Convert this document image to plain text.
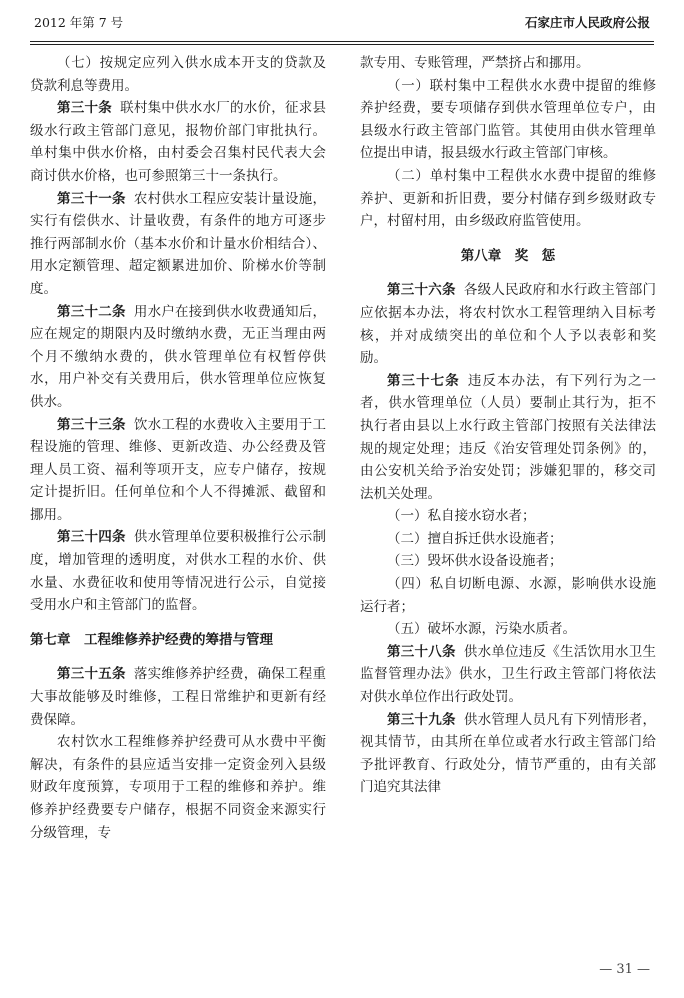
2012 年第 7 号	石家庄市人民政府公报

（七）按规定应列入供水成本开支的贷款及贷款利息等费用。

第三十条 联村集中供水水厂的水价，征求县级水行政主管部门意见，报物价部门审批执行。单村集中供水价格，由村委会召集村民代表大会商讨供水价格，也可参照第三十一条执行。

第三十一条 农村供水工程应安装计量设施，实行有偿供水、计量收费，有条件的地方可逐步推行两部制水价（基本水价和计量水价相结合）、用水定额管理、超定额累进加价、阶梯水价等制度。

第三十二条 用水户在接到供水收费通知后，应在规定的期限内及时缴纳水费，无正当理由两个月不缴纳水费的，供水管理单位有权暂停供水，用户补交有关费用后，供水管理单位应恢复供水。

第三十三条 饮水工程的水费收入主要用于工程设施的管理、维修、更新改造、办公经费及管理人员工资、福利等项开支，应专户储存，按规定计提折旧。任何单位和个人不得摊派、截留和挪用。

第三十四条 供水管理单位要积极推行公示制度，增加管理的透明度，对供水工程的水价、供水量、水费征收和使用等情况进行公示，自觉接受用水户和主管部门的监督。

第七章　工程维修养护经费的筹措与管理

第三十五条 落实维修养护经费，确保工程重大事故能够及时维修，工程日常维护和更新有经费保障。

农村饮水工程维修养护经费可从水费中平衡解决，有条件的县应适当安排一定资金列入县级财政年度预算，专项用于工程的维修和养护。维修养护经费要专户储存，根据不同资金来源实行分级管理，专

款专用、专账管理，严禁挤占和挪用。

（一）联村集中工程供水水费中提留的维修养护经费，要专项储存到供水管理单位专户，由县级水行政主管部门监管。其使用由供水管理单位提出申请，报县级水行政主管部门审核。

（二）单村集中工程供水水费中提留的维修养护、更新和折旧费，要分村储存到乡级财政专户，村留村用，由乡级政府监管使用。

第八章　奖　惩

第三十六条 各级人民政府和水行政主管部门应依据本办法，将农村饮水工程管理纳入目标考核，并对成绩突出的单位和个人予以表彰和奖励。

第三十七条 违反本办法，有下列行为之一者，供水管理单位（人员）要制止其行为，拒不执行者由县以上水行政主管部门按照有关法律法规的规定处理；违反《治安管理处罚条例》的，由公安机关给予治安处罚；涉嫌犯罪的，移交司法机关处理。

（一）私自接水窃水者；

（二）擅自拆迁供水设施者；

（三）毁坏供水设备设施者；

（四）私自切断电源、水源，影响供水设施运行者；

（五）破坏水源，污染水质者。

第三十八条 供水单位违反《生活饮用水卫生监督管理办法》供水，卫生行政主管部门将依法对供水单位作出行政处罚。

第三十九条 供水管理人员凡有下列情形者，视其情节，由其所在单位或者水行政主管部门给予批评教育、行政处分，情节严重的，由有关部门追究其法律

— 31 —
